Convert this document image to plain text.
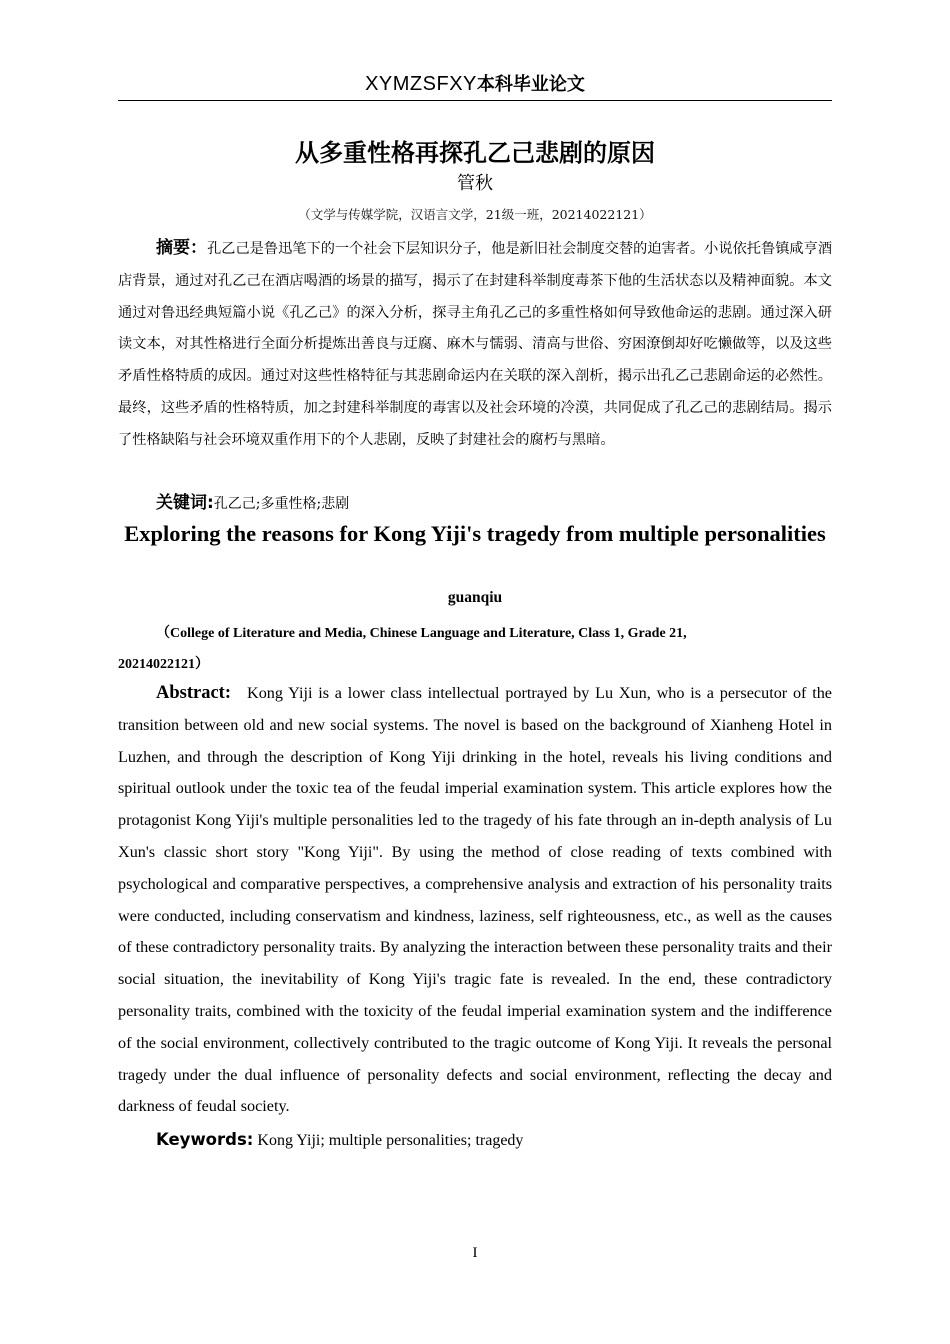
XYMZSFXY本科毕业论文
从多重性格再探孔乙己悲剧的原因
管秋
（文学与传媒学院，汉语言文学，21级一班，20214022121）
摘要：孔乙己是鲁迅笔下的一个社会下层知识分子，他是新旧社会制度交替的迫害者。小说依托鲁镇咸亨酒店背景，通过对孔乙己在酒店喝酒的场景的描写，揭示了在封建科举制度毒茶下他的生活状态以及精神面貌。本文通过对鲁迅经典短篇小说《孔乙己》的深入分析，探寻主角孔乙己的多重性格如何导致他命运的悲剧。通过深入研读文本，对其性格进行全面分析提炼出善良与迂腐、麻木与懦弱、清高与世俗、穷困潦倒却好吃懒做等，以及这些矛盾性格特质的成因。通过对这些性格特征与其悲剧命运内在关联的深入剖析，揭示出孔乙己悲剧命运的必然性。最终，这些矛盾的性格特质，加之封建科举制度的毒害以及社会环境的冷漠，共同促成了孔乙己的悲剧结局。揭示了性格缺陷与社会环境双重作用下的个人悲剧，反映了封建社会的腐朽与黑暗。
关键词:孔乙己;多重性格;悲剧
Exploring the reasons for Kong Yiji's tragedy from multiple personalities
guanqiu
（College of Literature and Media, Chinese Language and Literature, Class 1, Grade 21,
20214022121）
Abstract: Kong Yiji is a lower class intellectual portrayed by Lu Xun, who is a persecutor of the transition between old and new social systems. The novel is based on the background of Xianheng Hotel in Luzhen, and through the description of Kong Yiji drinking in the hotel, reveals his living conditions and spiritual outlook under the toxic tea of the feudal imperial examination system. This article explores how the protagonist Kong Yiji's multiple personalities led to the tragedy of his fate through an in-depth analysis of Lu Xun's classic short story "Kong Yiji". By using the method of close reading of texts combined with psychological and comparative perspectives, a comprehensive analysis and extraction of his personality traits were conducted, including conservatism and kindness, laziness, self righteousness, etc., as well as the causes of these contradictory personality traits. By analyzing the interaction between these personality traits and their social situation, the inevitability of Kong Yiji's tragic fate is revealed. In the end, these contradictory personality traits, combined with the toxicity of the feudal imperial examination system and the indifference of the social environment, collectively contributed to the tragic outcome of Kong Yiji. It reveals the personal tragedy under the dual influence of personality defects and social environment, reflecting the decay and darkness of feudal society.
Keywords: Kong Yiji; multiple personalities; tragedy
I
